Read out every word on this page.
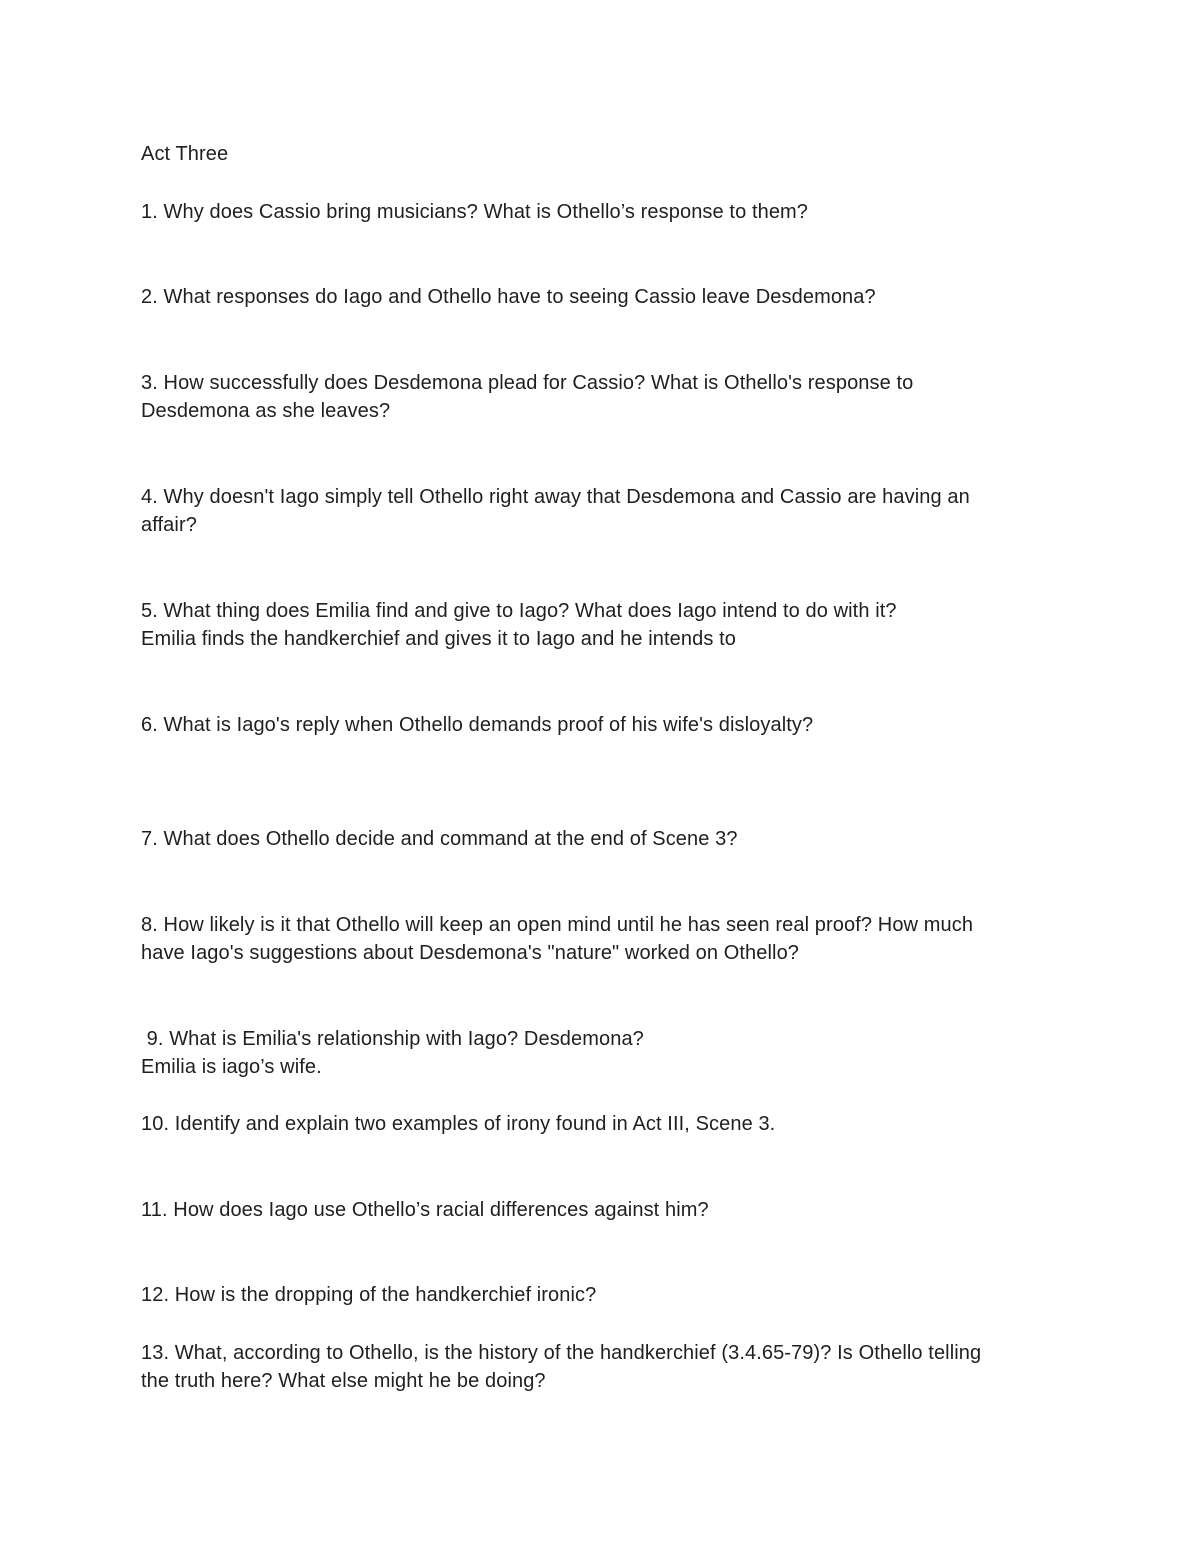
Act Three
1. Why does Cassio bring musicians? What is Othello’s response to them?
2. What responses do Iago and Othello have to seeing Cassio leave Desdemona?
3. How successfully does Desdemona plead for Cassio? What is Othello's response to
Desdemona as she leaves?
4. Why doesn't Iago simply tell Othello right away that Desdemona and Cassio are having an
affair?
5. What thing does Emilia find and give to Iago? What does Iago intend to do with it?
Emilia finds the handkerchief and gives it to Iago and he intends to
6. What is Iago's reply when Othello demands proof of his wife's disloyalty?
7. What does Othello decide and command at the end of Scene 3?
8. How likely is it that Othello will keep an open mind until he has seen real proof? How much
have Iago's suggestions about Desdemona's "nature" worked on Othello?
9. What is Emilia's relationship with Iago? Desdemona?
Emilia is iago’s wife.
10. Identify and explain two examples of irony found in Act III, Scene 3.
11. How does Iago use Othello’s racial differences against him?
12. How is the dropping of the handkerchief ironic?
13. What, according to Othello, is the history of the handkerchief (3.4.65-79)? Is Othello telling
the truth here? What else might he be doing?
